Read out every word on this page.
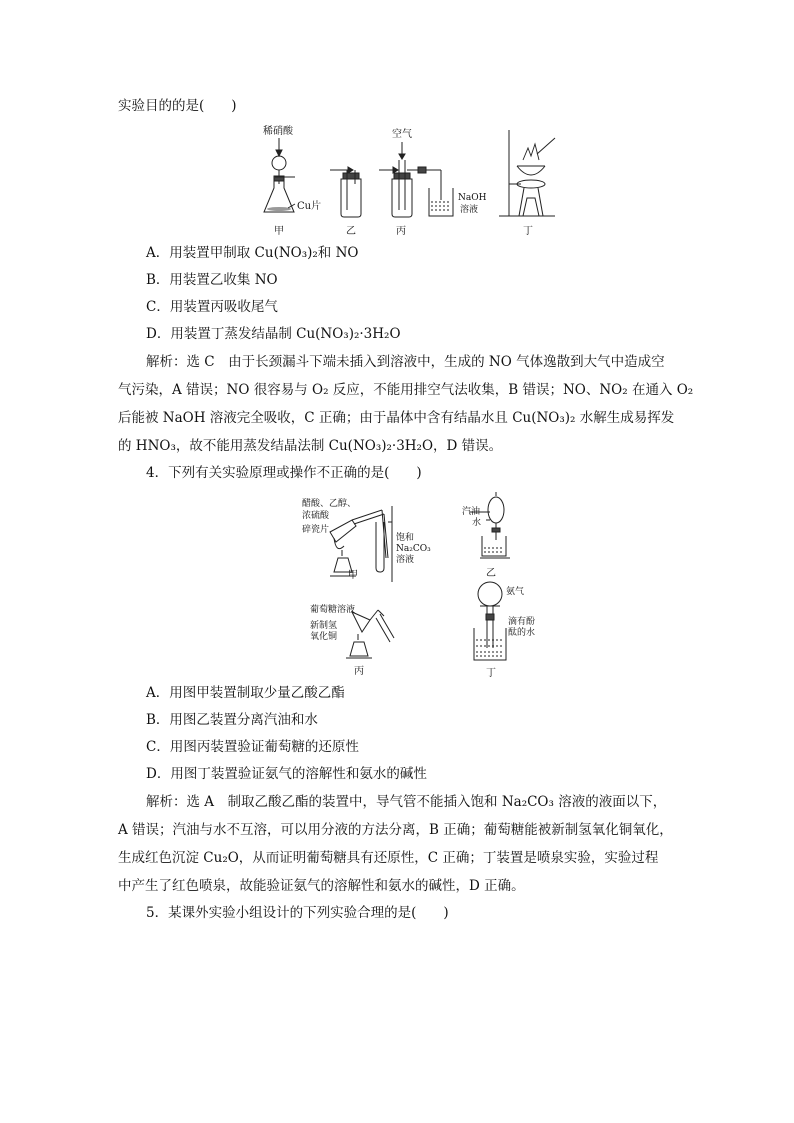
实验目的的是(　　)
稀硝酸
Cu片
空气
NaOH
溶液
甲	乙	丙	丁
A．用装置甲制取 Cu(NO₃)₂和 NO
B．用装置乙收集 NO
C．用装置丙吸收尾气
D．用装置丁蒸发结晶制 Cu(NO₃)₂·3H₂O
解析：选 C　由于长颈漏斗下端未插入到溶液中，生成的 NO 气体逸散到大气中造成空
气污染，A 错误；NO 很容易与 O₂ 反应，不能用排空气法收集，B 错误；NO、NO₂ 在通入 O₂
后能被 NaOH 溶液完全吸收，C 正确；由于晶体中含有结晶水且 Cu(NO₃)₂ 水解生成易挥发
的 HNO₃，故不能用蒸发结晶法制 Cu(NO₃)₂·3H₂O，D 错误。
4．下列有关实验原理或操作不正确的是(　　)
醋酸、乙醇、
浓硫酸
碎瓷片
饱和
Na₂CO₃
溶液
甲
汽油
水
乙
葡萄糖溶液
新制氢
氧化铜
丙
氨气
滴有酚
酞的水
丁
A．用图甲装置制取少量乙酸乙酯
B．用图乙装置分离汽油和水
C．用图丙装置验证葡萄糖的还原性
D．用图丁装置验证氨气的溶解性和氨水的碱性
解析：选 A　制取乙酸乙酯的装置中，导气管不能插入饱和 Na₂CO₃ 溶液的液面以下，
A 错误；汽油与水不互溶，可以用分液的方法分离，B 正确；葡萄糖能被新制氢氧化铜氧化，
生成红色沉淀 Cu₂O，从而证明葡萄糖具有还原性，C 正确；丁装置是喷泉实验，实验过程
中产生了红色喷泉，故能验证氨气的溶解性和氨水的碱性，D 正确。
5．某课外实验小组设计的下列实验合理的是(　　)
